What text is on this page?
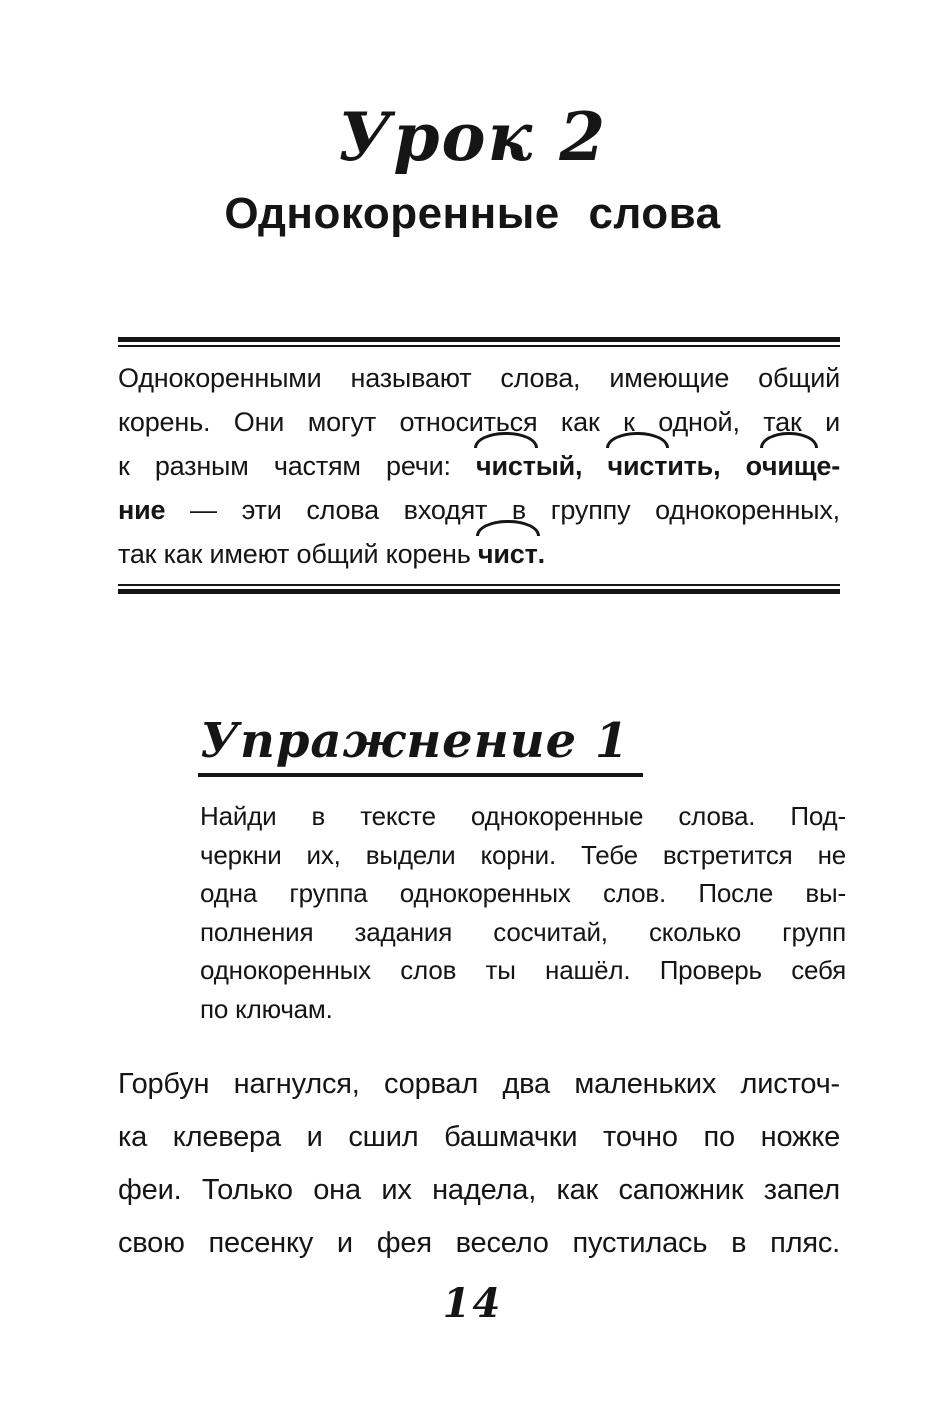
Урок 2
Однокоренные слова
Однокоренными называют слова, имеющие общий
корень. Они могут относиться как к одной, так и
к разным частям речи: чистый, чистить, очище-
ние — эти слова входят в группу однокоренных,
так как имеют общий корень чист.
Упражнение 1
Найди в тексте однокоренные слова. Под-
черкни их, выдели корни. Тебе встретится не
одна группа однокоренных слов. После вы-
полнения задания сосчитай, сколько групп
однокоренных слов ты нашёл. Проверь себя
по ключам.
Горбун нагнулся, сорвал два маленьких листоч-
ка клевера и сшил башмачки точно по ножке
феи. Только она их надела, как сапожник запел
свою песенку и фея весело пустилась в пляс.
14
